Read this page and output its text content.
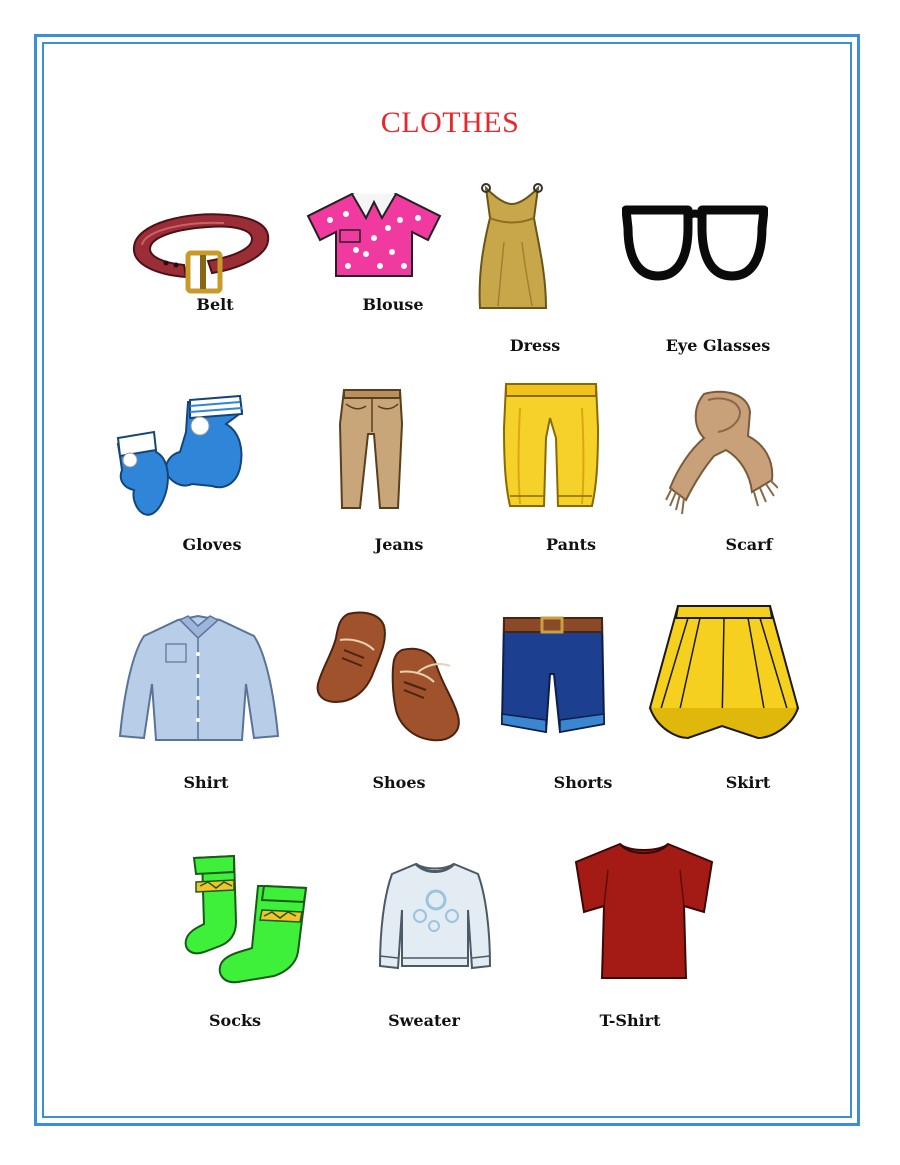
CLOTHES
Belt	Blouse
Dress	Eye Glasses
Gloves	Jeans	Pants	Scarf
Shirt	Shoes	Shorts	Skirt
Socks	Sweater	T-Shirt
